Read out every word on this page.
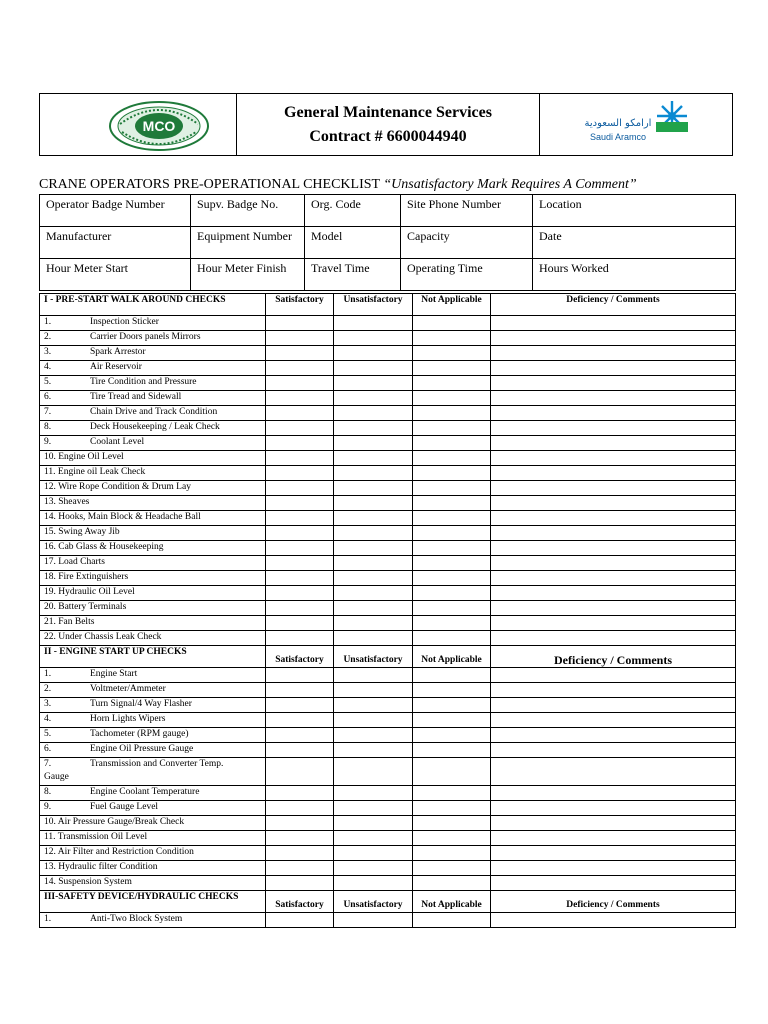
MCO
General Maintenance Services
Contract # 6600044940
ارامكو السعودية
Saudi Aramco
CRANE OPERATORS PRE-OPERATIONAL CHECKLIST “Unsatisfactory Mark Requires A Comment”
Operator Badge Number	Supv. Badge No.	Org. Code	Site Phone Number	Location
Manufacturer	Equipment Number	Model	Capacity	Date
Hour Meter Start	Hour Meter Finish	Travel Time	Operating Time	Hours Worked
I - PRE-START WALK AROUND CHECKS	Satisfactory	Unsatisfactory	Not Applicable	Deficiency / Comments
1. Inspection Sticker				
2. Carrier Doors panels Mirrors				
3. Spark Arrestor				
4. Air Reservoir				
5. Tire Condition and Pressure				
6. Tire Tread and Sidewall				
7. Chain Drive and Track Condition				
8. Deck Housekeeping / Leak Check				
9. Coolant Level				
10. Engine Oil Level				
11. Engine oil Leak Check				
12. Wire Rope Condition & Drum Lay				
13. Sheaves				
14. Hooks, Main Block & Headache Ball				
15. Swing Away Jib				
16. Cab Glass & Housekeeping				
17. Load Charts				
18. Fire Extinguishers				
19. Hydraulic Oil Level				
20. Battery Terminals				
21. Fan Belts				
22. Under Chassis Leak Check				
II - ENGINE START UP CHECKS	Satisfactory	Unsatisfactory	Not Applicable	Deficiency / Comments
1. Engine Start				
2. Voltmeter/Ammeter				
3. Turn Signal/4 Way Flasher				
4. Horn Lights Wipers				
5. Tachometer (RPM gauge)				
6. Engine Oil Pressure Gauge				
7. Transmission and Converter Temp.
Gauge				
8. Engine Coolant Temperature				
9. Fuel Gauge Level				
10. Air Pressure Gauge/Break Check				
11. Transmission Oil Level				
12. Air Filter and Restriction Condition				
13. Hydraulic filter Condition				
14. Suspension System				
III-SAFETY DEVICE/HYDRAULIC CHECKS	Satisfactory	Unsatisfactory	Not Applicable	Deficiency / Comments
1. Anti-Two Block System				
